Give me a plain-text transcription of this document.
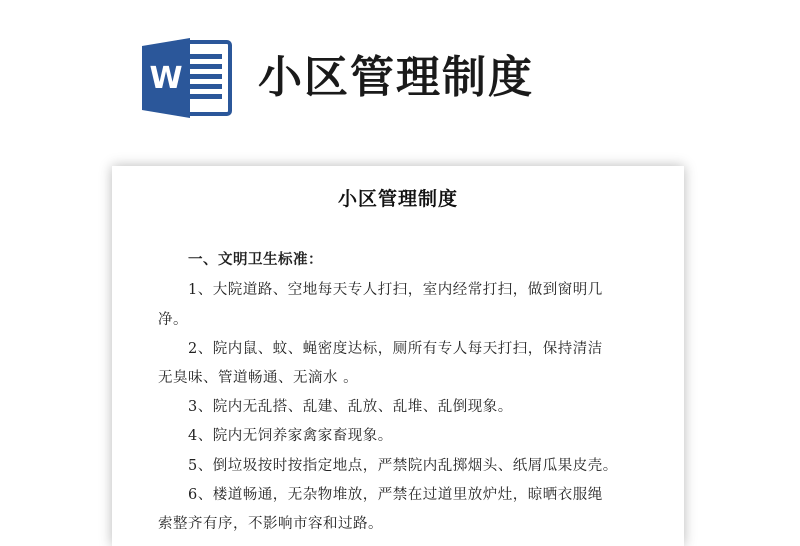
W 小区管理制度
小区管理制度
一、文明卫生标准：
1、大院道路、空地每天专人打扫，室内经常打扫，做到窗明几
净。
2、院内鼠、蚊、蝇密度达标，厕所有专人每天打扫，保持清洁
无臭味、管道畅通、无滴水 。
3、院内无乱搭、乱建、乱放、乱堆、乱倒现象。
4、院内无饲养家禽家畜现象。
5、倒垃圾按时按指定地点，严禁院内乱掷烟头、纸屑瓜果皮壳。
6、楼道畅通，无杂物堆放，严禁在过道里放炉灶，晾晒衣服绳
索整齐有序，不影响市容和过路。
